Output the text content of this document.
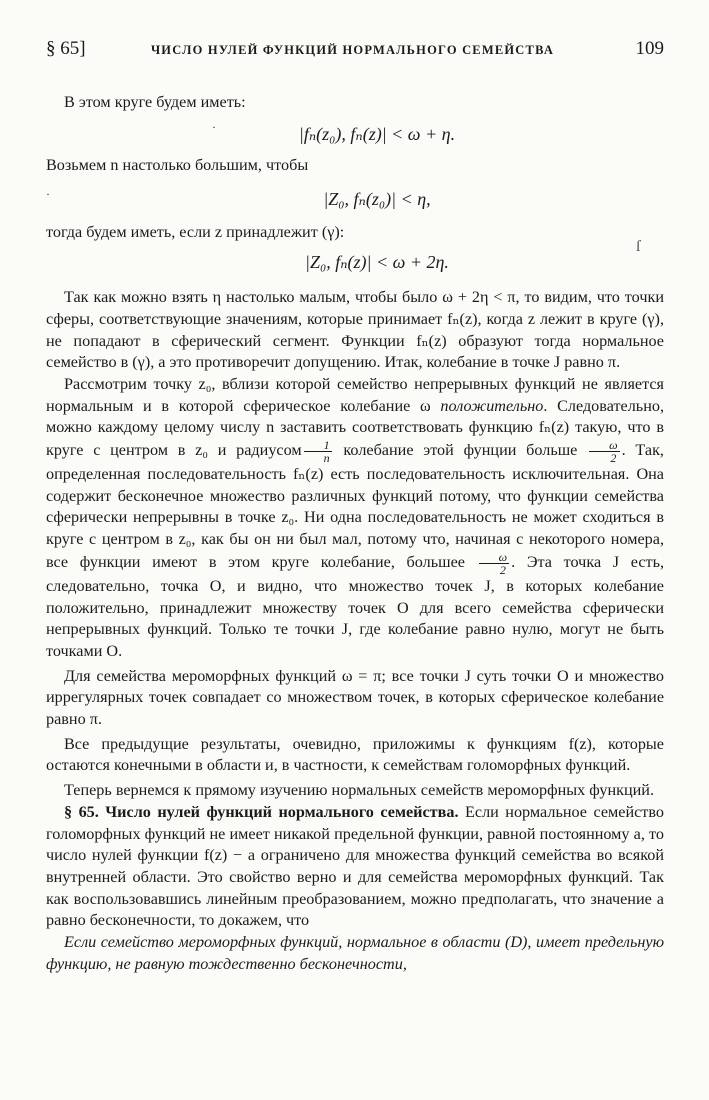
·
·
ſ
§ 65]	ЧИСЛО НУЛЕЙ ФУНКЦИЙ НОРМАЛЬНОГО СЕМЕЙСТВА	109

В этом круге будем иметь:

|fₙ(z₀), fₙ(z)| < ω + η.

Возьмем n настолько большим, чтобы

|Z₀, fₙ(z₀)| < η,

тогда будем иметь, если z принадлежит (γ):

|Z₀, fₙ(z)| < ω + 2η.

Так как можно взять η настолько малым, чтобы было ω + 2η < π, то видим, что точки сферы, соответствующие значениям, которые принимает fₙ(z), когда z лежит в круге (γ), не попадают в сферический сегмент. Функции fₙ(z) образуют тогда нормальное семейство в (γ), а это противоречит допущению. Итак, колебание в точке J равно π.

Рассмотрим точку z₀, вблизи которой семейство непрерывных функций не является нормальным и в которой сферическое колебание ω положительно. Следовательно, можно каждому целому числу n заставить соответствовать функцию fₙ(z) такую, что в круге с центром в z₀ и радиусом $\frac{1}{n}$ колебание этой фунции больше $\frac{\omega}{2}$ . Так, определенная последовательность fₙ(z) есть последовательность исключительная. Она содержит бесконечное множество различных функций потому, что функции семейства сферически непрерывны в точке z₀. Ни одна последовательность не может сходиться в круге с центром в z₀, как бы он ни был мал, потому что, начиная с некоторого номера, все функции имеют в этом круге колебание, большее $\frac{\omega}{2}$ . Эта точка J есть, следовательно, точка O, и видно, что множество точек J, в которых колебание положительно, принадлежит множеству точек O для всего семейства сферически непрерывных функций. Только те точки J, где колебание равно нулю, могут не быть точками O.

Для семейства мероморфных функций ω = π; все точки J суть точки O и множество иррегулярных точек совпадает со множеством точек, в которых сферическое колебание равно π.

Все предыдущие результаты, очевидно, приложимы к функциям f(z), которые остаются конечными в области и, в частности, к семействам голоморфных функций.

Теперь вернемся к прямому изучению нормальных семейств мероморфных функций.

§ 65. Число нулей функций нормального семейства. Если нормальное семейство голоморфных функций не имеет никакой предельной функции, равной постоянному a, то число нулей функции f(z) − a ограничено для множества функций семейства во всякой внутренней области. Это свойство верно и для семейства мероморфных функций. Так как воспользовавшись линейным преобразованием, можно предполагать, что значение a равно бесконечности, то докажем, что

Если семейство мероморфных функций, нормальное в области (D), имеет предельную функцию, не равную тождественно бесконечности,
